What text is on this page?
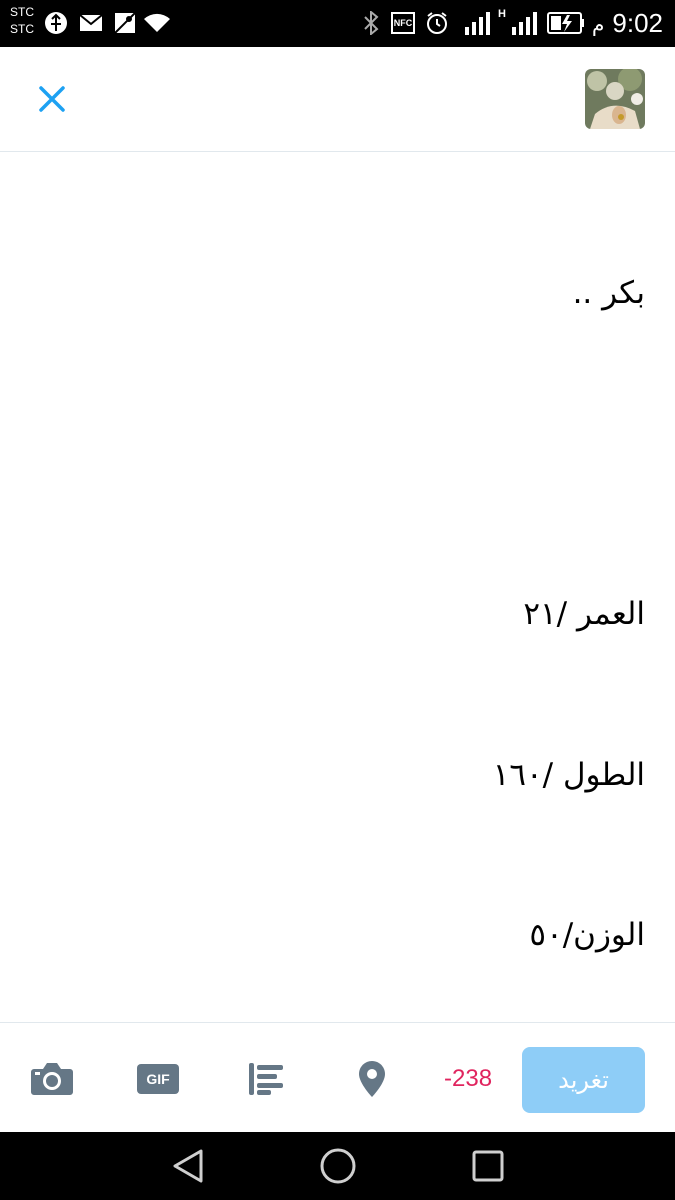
STC
STC	NFC
H	م 9:02

بكر ..

العمر /٢١

الطول /١٦٠

الوزن/٥٠

GIF	-238	تغريد
